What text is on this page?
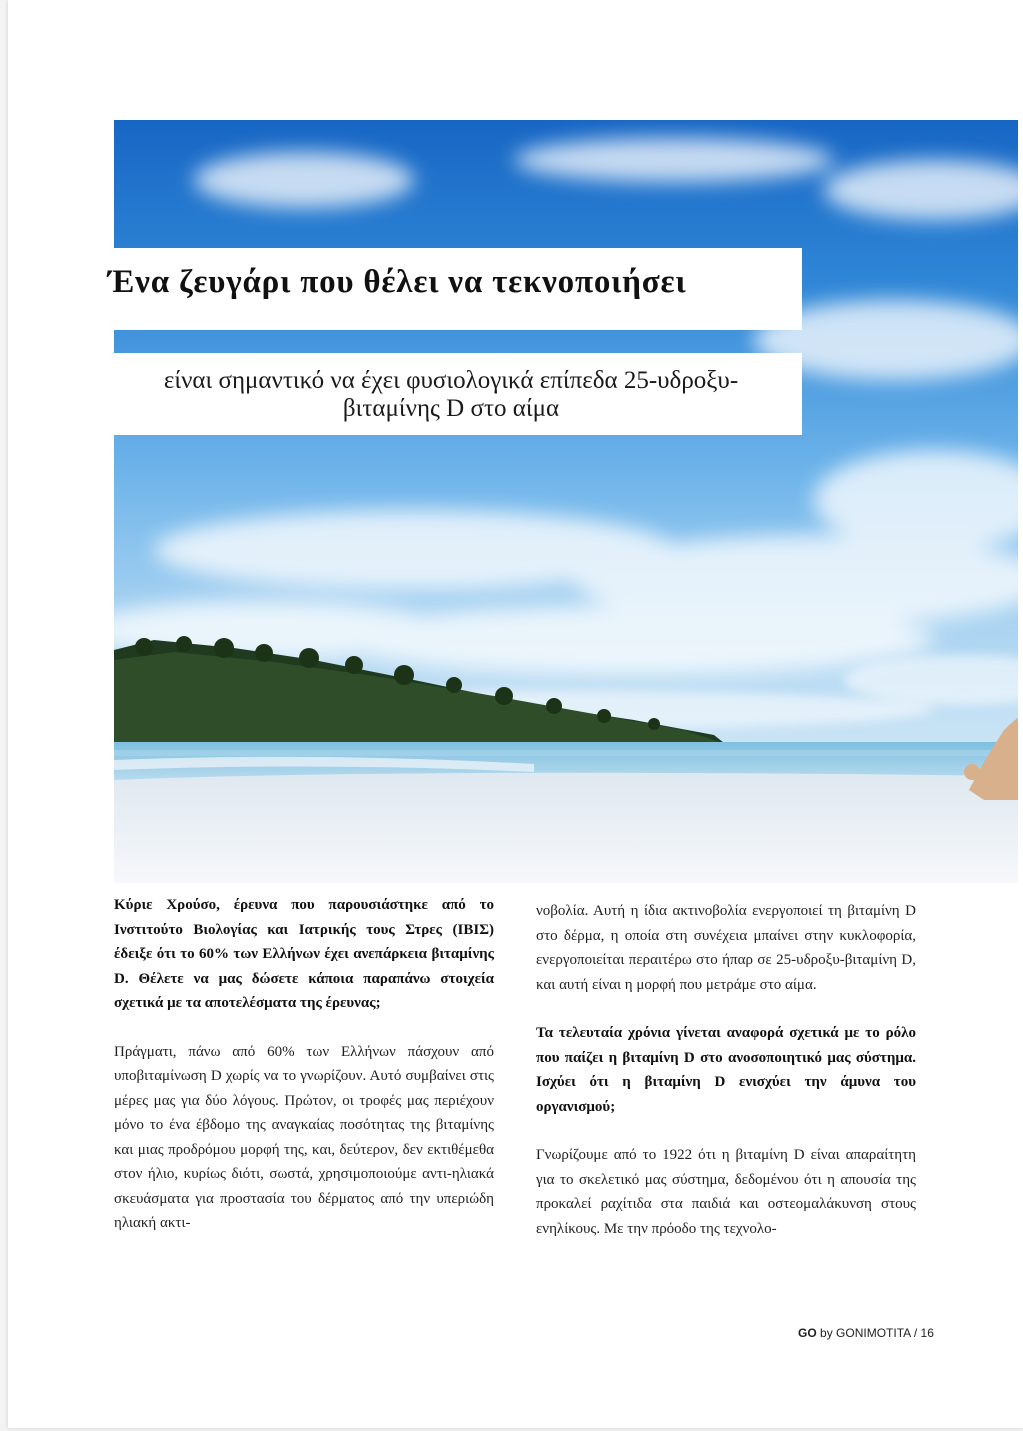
Ένα ζευγάρι που θέλει να τεκνοποιήσει

είναι σημαντικό να έχει φυσιολογικά επίπεδα 25-υδροξυ-
βιταμίνης D στο αίμα

Κύριε Χρούσο, έρευνα που παρουσιάστηκε από το Ινστιτούτο Βιολογίας και Ιατρικής τους Στρες (ΙΒΙΣ) έδειξε ότι το 60% των Ελλήνων έχει ανεπάρκεια βιταμίνης D. Θέλετε να μας δώσετε κάποια παραπάνω στοιχεία σχετικά με τα αποτελέσματα της έρευνας;

Πράγματι, πάνω από 60% των Ελλήνων πάσχουν από υποβιταμίνωση D χωρίς να το γνωρίζουν. Αυτό συμβαίνει στις μέρες μας για δύο λόγους. Πρώτον, οι τροφές μας περιέχουν μόνο το ένα έβδομο της αναγκαίας ποσότητας της βιταμίνης και μιας προδρόμου μορφή της, και, δεύτερον, δεν εκτιθέμεθα στον ήλιο, κυρίως διότι, σωστά, χρησιμοποιούμε αντι-ηλιακά σκευάσματα για προστασία του δέρματος από την υπεριώδη ηλιακή ακτι-

νοβολία. Αυτή η ίδια ακτινοβολία ενεργοποιεί τη βιταμίνη D στο δέρμα, η οποία στη συνέχεια μπαίνει στην κυκλοφορία, ενεργοποιείται περαιτέρω στο ήπαρ σε 25-υδροξυ-βιταμίνη D, και αυτή είναι η μορφή που μετράμε στο αίμα.

Τα τελευταία χρόνια γίνεται αναφορά σχετικά με το ρόλο που παίζει η βιταμίνη D στο ανοσοποιητικό μας σύστημα. Ισχύει ότι η βιταμίνη D ενισχύει την άμυνα του οργανισμού;

Γνωρίζουμε από το 1922 ότι η βιταμίνη D είναι απαραίτητη για το σκελετικό μας σύστημα, δεδομένου ότι η απουσία της προκαλεί ραχίτιδα στα παιδιά και οστεομαλάκυνση στους ενηλίκους. Με την πρόοδο της τεχνολο-

GO by GONIMOTITA / 16
